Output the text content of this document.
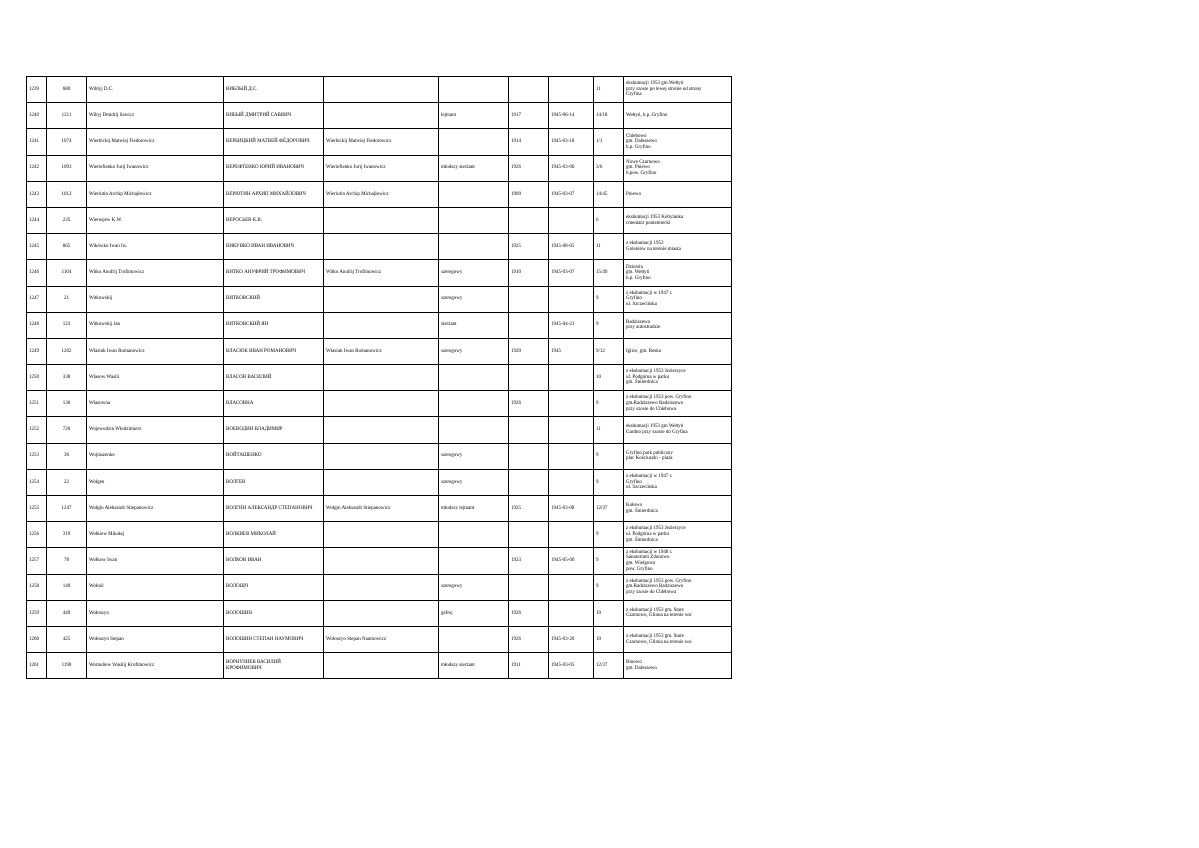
1239	680	Wiblyj D.C.	ВИБЛЫЙ Д.С.					11	ekshumacji 1953 gm.Wełtyń
przy szosie po lewej stronie od strony
Gryfina
1240	1211	Wibyj Dmidrij Sawicz	ВИБЫЙ ДМИТРИЙ САВВИЧ		lejtnant	1917	1945-06-14	14/18	Wełtyń, b.p. Gryfino
1241	1074	Wierbickij Matwiej Fiedorowicz	ВЕРБИЦКИЙ МАТВЕЙ ФЁДОРОВИЧ	Wierbickij Matwiej Fiedorowicz		1914	1945-03-18	1/1	Chlebowo
gm. Daleszewo
b.p. Gryfino
1242	1093	Wieriefienko Jurij Iwanowicz	ВЕРЕФТЕНКО ЮРИЙ ИВАНОВИЧ	Wieriefienko Jurij Iwanowicz	młodszy sierżant	1926	1945-03-06	3/6	Nowe Czarnowo
gm. Pniewo
b.pow. Gryfino
1243	1012	Wieriutin Archip Michajłowicz	ВЕРЮТИН АРХИП МИХАЙЛОВИЧ	Wieriutin Archip Michajłowicz		1909	1945-03-07	14/45	Pniewo
1244	235	Wierosjew K.W.	ВЕРОСЬЕВ К.В.					6	ekshumacji 1953 Kobylanka
cmentarz poniemiecki
1245	865	Wikówko Iwan Iw.	ВИКУВКО ИВАН ИВАНОВИЧ			1925	1945-08-05	11	z ekshumacji 1953
Goleniów na terenie miasta
1246	1104	Witko Anufrij Trofimowicz	ВИТКО АНУФРИЙ ТРОФИМОВИЧ	Witko Anufrij Trofimowicz	szeregowy	1910	1945-03-07	15/49	Dziersin
gm. Wełtyń
b.p. Gryfino
1247	21	Witkowskij	ВИТКОВСКИЙ		szeregowy			9	z ekshumacji w 1947 r.
Gryfino
ul. Szczecińska
1248	123	Witkowskij Jan	ВИТКОВСКИЙ ЯН		sierżant		1945-04-21	9	Radziszewo
przy autostradzie
1249	1202	Własiuk Iwan Romanowicz	ВЛАСЮК ИВАН РОМАНОВИЧ	Własiuk Iwan Romanowicz	szeregowy	1920	1945	9/12	Iglice, gm. Resko
1250	338	Własow Wasili	ВЛАСОВ ВАСИЛИЙ					10	z ekshumacji 1953 Jezierzyce
ul. Podgórna w parku
gm. Śmierdnica
1251	136	Własowna	ВЛАСОВНА			1926		9	z ekshumacji 1953 pow. Gryfino
gm.Radziszewo Radziszewo
przy szosie do Chlebowa
1252	726	Wojewodzin Włodzimierz	ВОЕВОДИН ВЛАДИМИР					11	ekshumacji 1953 gm Wełtyń
Gardno przy szosie do Gryfina
1253	36	Wojtaszenko	ВОЙТАШЕНКО		szeregowy			9	Gryfino park publiczny
plac Kościuszki - plaża
1254	22	Wołgen	ВОЛГЕВ		szeregowy			9	z ekshumacji w 1947 r.
Gryfino
ul. Szczecińska
1255	1247	Wołgin Aleksandr Stiepanowicz	ВОЛГИН АЛЕКСАНДР СТЕПАНОВИЧ	Wołgin Aleksandr Stiepanowicz	młodszy lejtnant	1925	1945-03-08	12/37	Kołowo
gm. Śmierdnica
1256	319	Wołkiew Mikołaj	ВОЛКИЕВ МИКОЛАЙ					9	z ekshumacji 1953 Jezierzyce
ul. Podgórna w parku
gm. Śmierdnica
1257	78	Wołkow Iwan	ВОЛКОВ ИВАН			1923	1945-05-06	9	z ekshumacji w 1948 r.
Sanatorium Zdunowo
gm. Wielgowo
pow. Gryfino
1258	140	Wołość	ВОЛОЩЧ		szeregowy			9	z ekshumacji 1953 pow. Gryfino
gm.Radziszewo Radziszewo
przy szosie do Chlebowa
1259	449	Wołoszyn	ВОЛОШИН		gefrej	1926		10	z ekshumacji 1953 gm. Stare
Czarnowo, Glinna na terenie wsi
1260	425	Wołoszyn Stepan	ВОЛОШИН СТЕПАН НАУМОВИЧ	Wołoszyn Stepan Naumowicz		1926	1945-03-20	10	z ekshumacji 1953 gm. Stare
Czarnowo, Glinna na terenie wsi
1261	1190	Wornuliew Wasilij Krofimowicz	ВОРНУЛИЕВ ВАСИЛИЙ
КРОФИМОВИЧ		młodszy sierżant	1911	1945-03-05	12/37	Binowo
gm. Daleszewo
